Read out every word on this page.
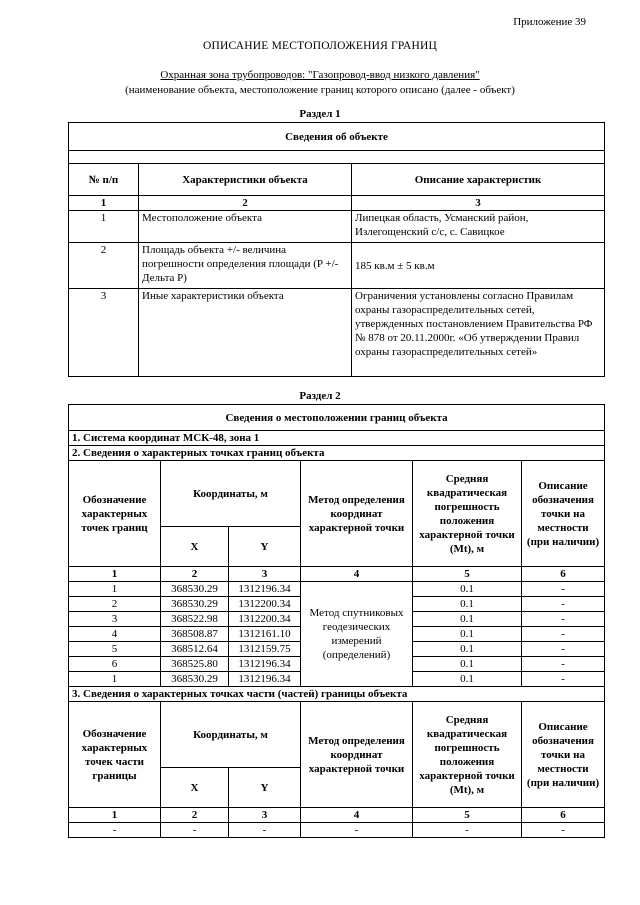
Приложение 39
ОПИСАНИЕ МЕСТОПОЛОЖЕНИЯ ГРАНИЦ
Охранная зона трубопроводов: "Газопровод-ввод низкого давления"
(наименование объекта, местоположение границ которого описано (далее - объект)
Раздел 1
Сведения об объекте		

№ п/п	Характеристики объекта	Описание характеристик
1	2	3
1	Местоположение объекта	Липецкая область, Усманский район, Излегощенский с/с, с. Савицкое
2	Площадь объекта +/- величина погрешности определения площади (P +/- Дельта P)	185 кв.м ± 5 кв.м
3	Иные характеристики объекта	Ограничения установлены согласно Правилам охраны газораспределительных сетей, утвержденных постановлением Правительства РФ № 878 от 20.11.2000г. «Об утверждении Правил охраны газораспределительных сетей»
Раздел 2
Сведения о местоположении границ объекта					
1. Система координат МСК-48, зона 1					
2. Сведения о характерных точках границ объекта					
Обозначение характерных точек границ	Координаты, м		Метод определения координат характерной точки	Средняя квадратическая погрешность положения характерной точки (Mt), м	Описание обозначения точки на местности (при наличии)
	X	Y			
1	2	3	4	5	6
1	368530.29	1312196.34	Метод спутниковых геодезических измерений (определений)	0.1	-
2	368530.29	1312200.34		0.1	-
3	368522.98	1312200.34		0.1	-
4	368508.87	1312161.10		0.1	-
5	368512.64	1312159.75		0.1	-
6	368525.80	1312196.34		0.1	-
1	368530.29	1312196.34		0.1	-
3. Сведения о характерных точках части (частей) границы объекта					
Обозначение характерных точек части границы	Координаты, м		Метод определения координат характерной точки	Средняя квадратическая погрешность положения характерной точки (Mt), м	Описание обозначения точки на местности (при наличии)
	X	Y			
1	2	3	4	5	6
-	-	-	-	-	-
